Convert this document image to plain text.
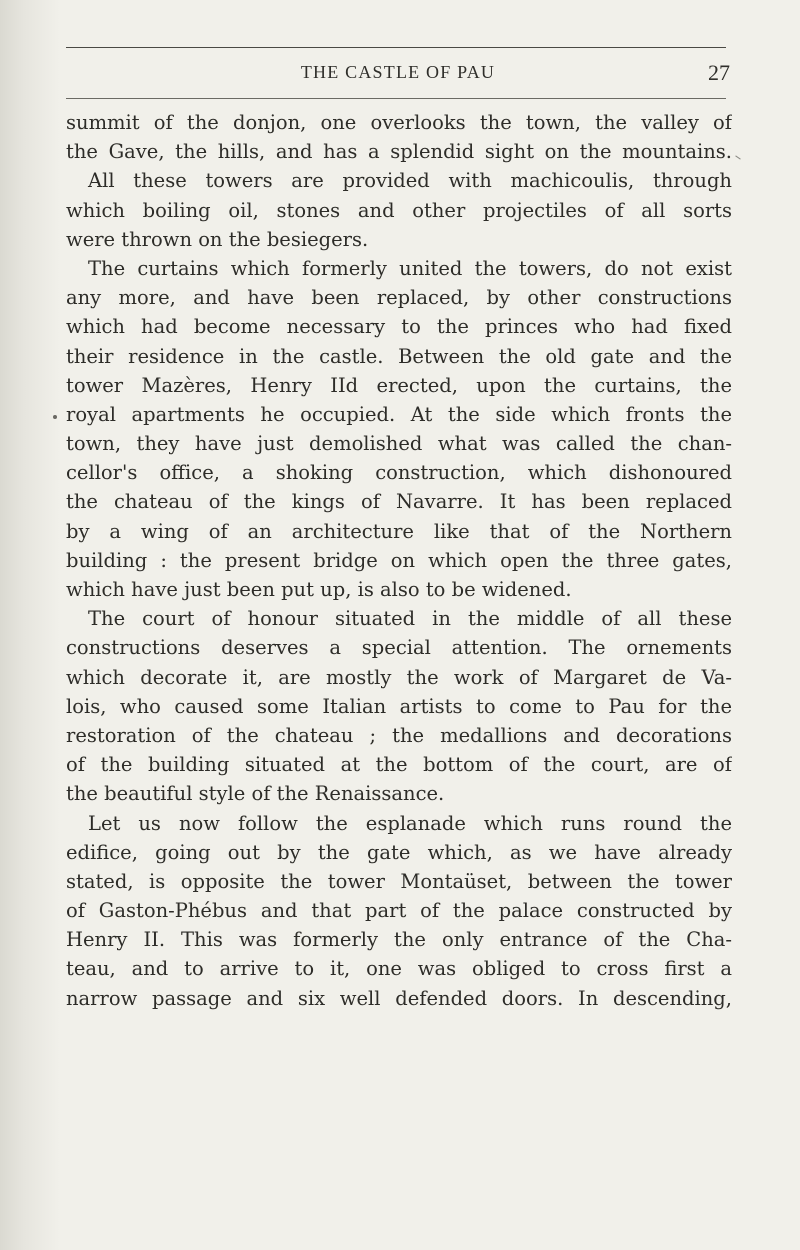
THE CASTLE OF PAU	27
summit of the donjon, one overlooks the town, the valley of
the Gave, the hills, and has a splendid sight on the mountains.
All these towers are provided with machicoulis, through
which boiling oil, stones and other projectiles of all sorts
were thrown on the besiegers.
The curtains which formerly united the towers, do not exist
any more, and have been replaced, by other constructions
which had become necessary to the princes who had fixed
their residence in the castle. Between the old gate and the
tower Mazères, Henry IId erected, upon the curtains, the
royal apartments he occupied. At the side which fronts the
town, they have just demolished what was called the chan-
cellor's office, a shoking construction, which dishonoured
the chateau of the kings of Navarre. It has been replaced
by a wing of an architecture like that of the Northern
building : the present bridge on which open the three gates,
which have just been put up, is also to be widened.
The court of honour situated in the middle of all these
constructions deserves a special attention. The ornements
which decorate it, are mostly the work of Margaret de Va-
lois, who caused some Italian artists to come to Pau for the
restoration of the chateau ; the medallions and decorations
of the building situated at the bottom of the court, are of
the beautiful style of the Renaissance.
Let us now follow the esplanade which runs round the
edifice, going out by the gate which, as we have already
stated, is opposite the tower Montaüset, between the tower
of Gaston-Phébus and that part of the palace constructed by
Henry II. This was formerly the only entrance of the Cha-
teau, and to arrive to it, one was obliged to cross first a
narrow passage and six well defended doors. In descending,
